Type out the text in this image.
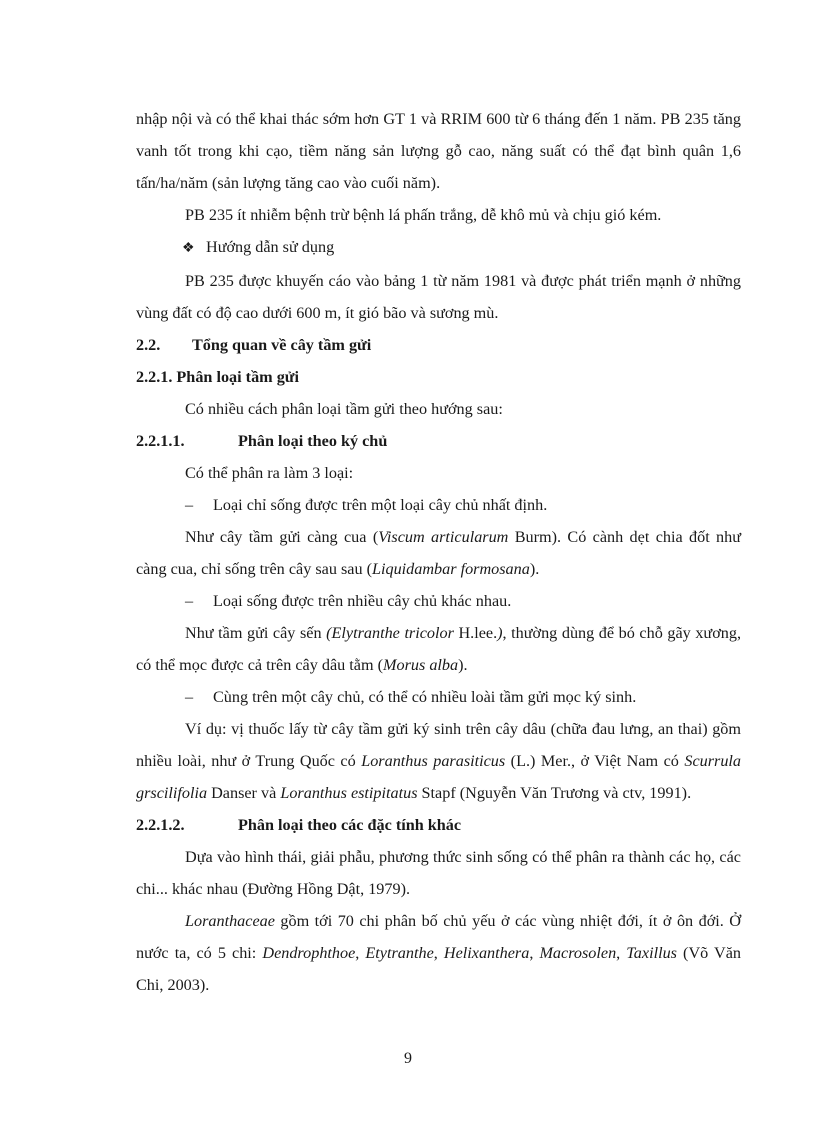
nhập nội và có thể khai thác sớm hơn GT 1 và RRIM 600 từ 6 tháng đến 1 năm. PB 235 tăng vanh tốt trong khi cạo, tiềm năng sản lượng gỗ cao, năng suất có thể đạt bình quân 1,6 tấn/ha/năm (sản lượng tăng cao vào cuối năm).

PB 235 ít nhiễm bệnh trừ bệnh lá phấn trắng, dễ khô mủ và chịu gió kém.

❖ Hướng dẫn sử dụng

PB 235 được khuyến cáo vào bảng 1 từ năm 1981 và được phát triển mạnh ở những vùng đất có độ cao dưới 600 m, ít gió bão và sương mù.

2.2. Tổng quan về cây tầm gửi

2.2.1. Phân loại tầm gửi

Có nhiều cách phân loại tầm gửi theo hướng sau:

2.2.1.1.	Phân loại theo ký chủ

Có thể phân ra làm 3 loại:

– Loại chỉ sống được trên một loại cây chủ nhất định.

Như cây tầm gửi càng cua (Viscum articularum Burm). Có cành dẹt chia đốt như càng cua, chỉ sống trên cây sau sau (Liquidambar formosana).

– Loại sống được trên nhiều cây chủ khác nhau.

Như tầm gửi cây sến (Elytranthe tricolor H.lee.), thường dùng để bó chỗ gãy xương, có thể mọc được cả trên cây dâu tằm (Morus alba).

– Cùng trên một cây chủ, có thể có nhiều loài tầm gửi mọc ký sinh.

Ví dụ: vị thuốc lấy từ cây tầm gửi ký sinh trên cây dâu (chữa đau lưng, an thai) gồm nhiều loài, như ở Trung Quốc có Loranthus parasiticus (L.) Mer., ở Việt Nam có Scurrula grscilifolia Danser và Loranthus estipitatus Stapf (Nguyễn Văn Trương và ctv, 1991).

2.2.1.2.	Phân loại theo các đặc tính khác

Dựa vào hình thái, giải phẫu, phương thức sinh sống có thể phân ra thành các họ, các chi... khác nhau (Đường Hồng Dật, 1979).

Loranthaceae gồm tới 70 chi phân bố chủ yếu ở các vùng nhiệt đới, ít ở ôn đới. Ở nước ta, có 5 chi: Dendrophthoe, Etytranthe, Helixanthera, Macrosolen, Taxillus (Võ Văn Chi, 2003).

9
